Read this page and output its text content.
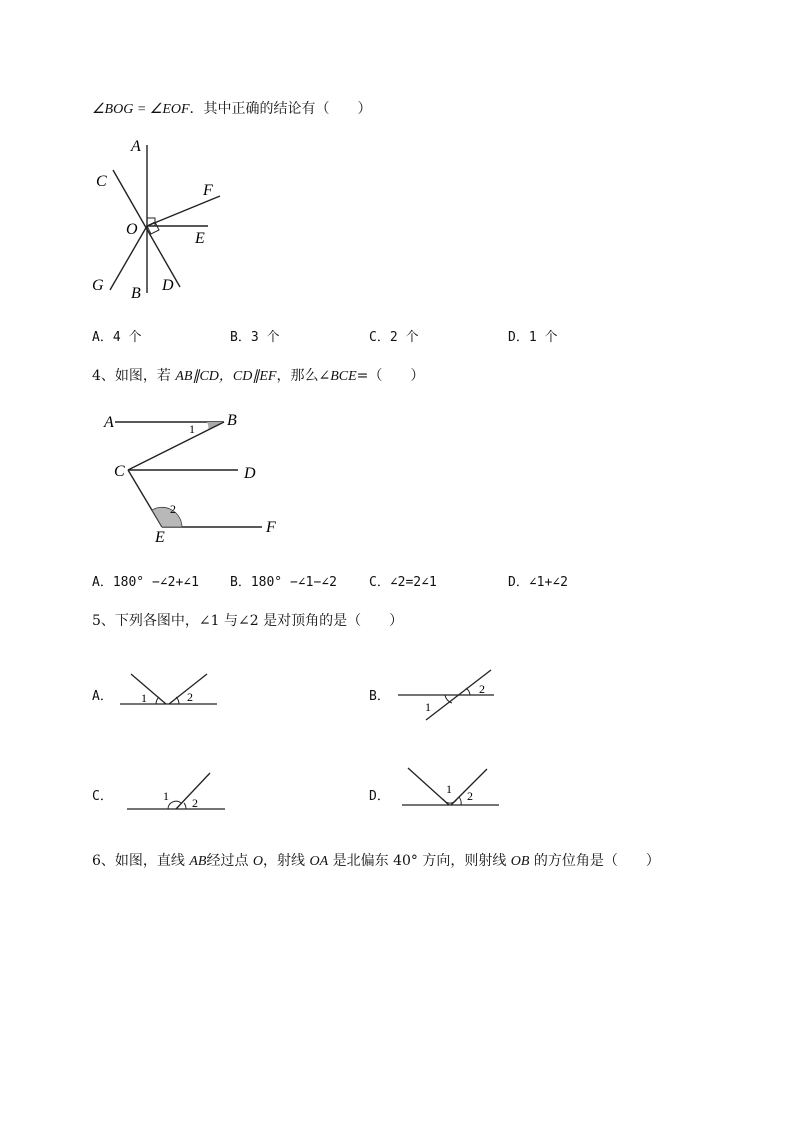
∠BOG = ∠EOF．其中正确的结论有（　　）
A
C
F
O
E
G B D
A．4 个	B．3 个	C．2 个	D．1 个
4、如图，若 AB∥CD，CD∥EF，那么∠BCE=（　　）
A	B
1
C	D
2
E
F
A．180° −∠2+∠1 B．180° −∠1−∠2 C．∠2=2∠1	D．∠1+∠2
5、下列各图中，∠1 与∠2 是对顶角的是（　　）
A．	B．
C．	D．
1	2
2
1
1 2
1 2
6、如图，直线 AB经过点 O，射线 OA 是北偏东 40° 方向，则射线 OB 的方位角是（　　）
